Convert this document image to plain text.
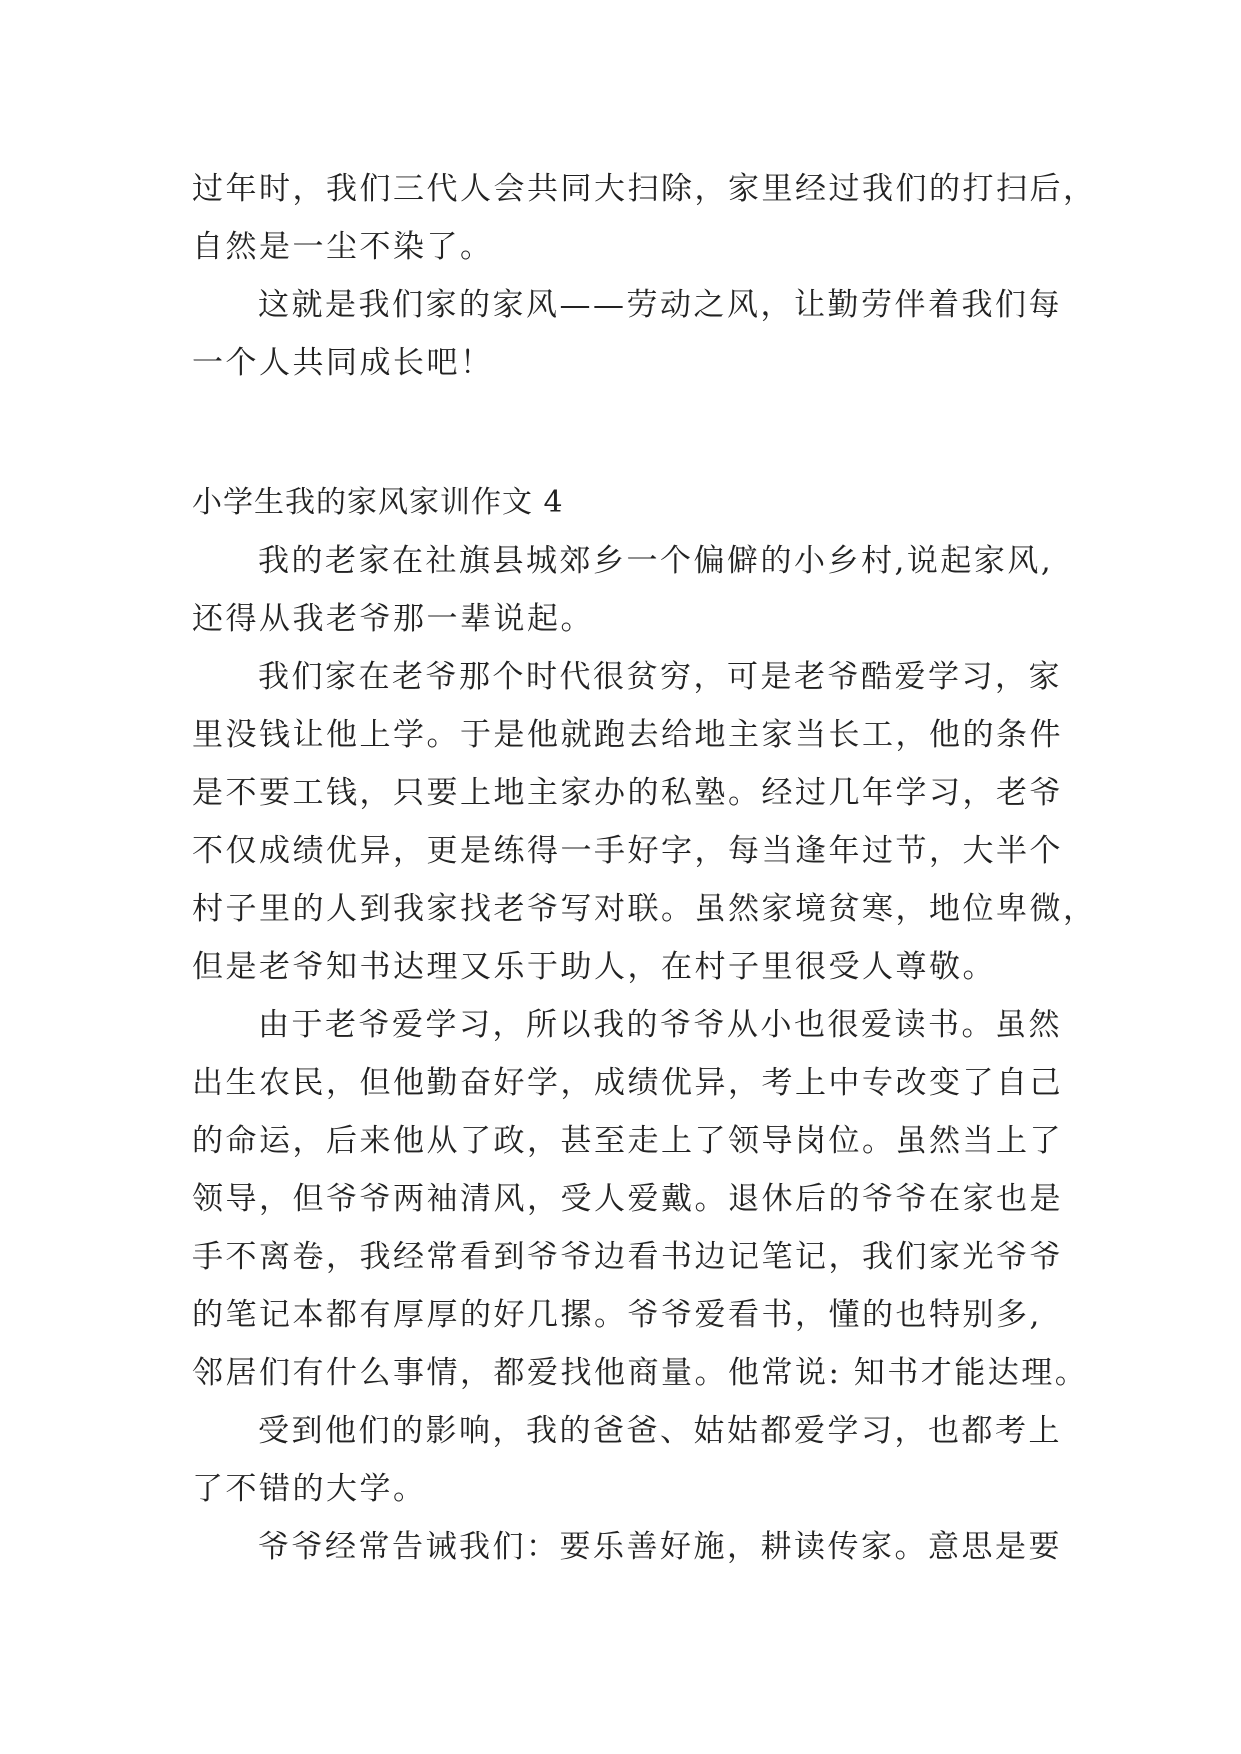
过年时，我们三代人会共同大扫除，家里经过我们的打扫后，
自然是一尘不染了。
这就是我们家的家风——劳动之风，让勤劳伴着我们每
一个人共同成长吧！
小学生我的家风家训作文 4
我的老家在社旗县城郊乡一个偏僻的小乡村,说起家风,
还得从我老爷那一辈说起。
我们家在老爷那个时代很贫穷，可是老爷酷爱学习，家
里没钱让他上学。于是他就跑去给地主家当长工，他的条件
是不要工钱，只要上地主家办的私塾。经过几年学习，老爷
不仅成绩优异，更是练得一手好字，每当逢年过节，大半个
村子里的人到我家找老爷写对联。虽然家境贫寒，地位卑微，
但是老爷知书达理又乐于助人，在村子里很受人尊敬。
由于老爷爱学习，所以我的爷爷从小也很爱读书。虽然
出生农民，但他勤奋好学，成绩优异，考上中专改变了自己
的命运，后来他从了政，甚至走上了领导岗位。虽然当上了
领导，但爷爷两袖清风，受人爱戴。退休后的爷爷在家也是
手不离卷，我经常看到爷爷边看书边记笔记，我们家光爷爷
的笔记本都有厚厚的好几摞。爷爷爱看书，懂的也特别多,
邻居们有什么事情，都爱找他商量。他常说: 知书才能达理。
受到他们的影响，我的爸爸、姑姑都爱学习，也都考上
了不错的大学。
爷爷经常告诫我们：要乐善好施，耕读传家。意思是要
